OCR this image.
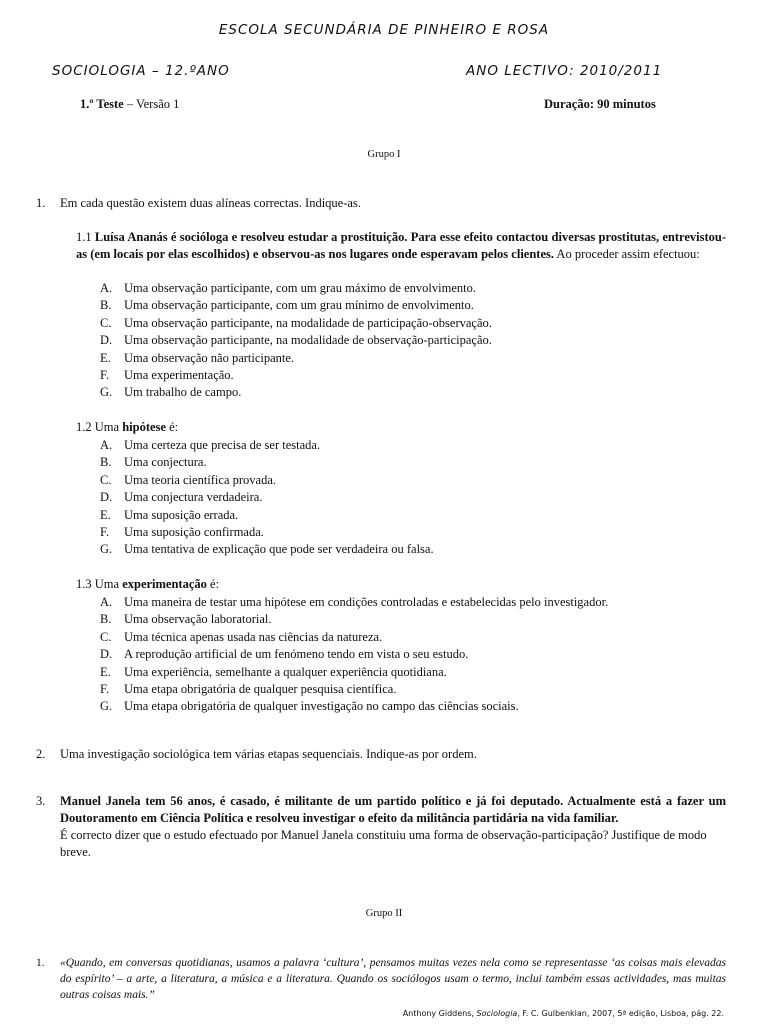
ESCOLA SECUNDÁRIA DE PINHEIRO E ROSA
SOCIOLOGIA – 12.ºANO	ANO LECTIVO: 2010/2011
1.º Teste – Versão 1	Duração: 90 minutos
Grupo I
1. Em cada questão existem duas alíneas correctas. Indique-as.
1.1 Luísa Ananás é socióloga e resolveu estudar a prostituição. Para esse efeito contactou diversas prostitutas, entrevistou-as (em locais por elas escolhidos) e observou-as nos lugares onde esperavam pelos clientes. Ao proceder assim efectuou:
A. Uma observação participante, com um grau máximo de envolvimento.
B.	Uma observação participante, com um grau mínimo de envolvimento.
C.	Uma observação participante, na modalidade de participação-observação.
D. Uma observação participante, na modalidade de observação-participação.
E.	Uma observação não participante.
F.	Uma experimentação.
G. Um trabalho de campo.
1.2 Uma hipótese é:
A. Uma certeza que precisa de ser testada.
B.	Uma conjectura.
C.	Uma teoria científica provada.
D. Uma conjectura verdadeira.
E.	Uma suposição errada.
F.	Uma suposição confirmada.
G. Uma tentativa de explicação que pode ser verdadeira ou falsa.
1.3 Uma experimentação é:
A. Uma maneira de testar uma hipótese em condições controladas e estabelecidas pelo investigador.
B.	Uma observação laboratorial.
C.	Uma técnica apenas usada nas ciências da natureza.
D. A reprodução artificial de um fenómeno tendo em vista o seu estudo.
E.	Uma experiência, semelhante a qualquer experiência quotidiana.
F.	Uma etapa obrigatória de qualquer pesquisa científica.
G. Uma etapa obrigatória de qualquer investigação no campo das ciências sociais.
2. Uma investigação sociológica tem várias etapas sequenciais. Indique-as por ordem.
3. Manuel Janela tem 56 anos, é casado, é militante de um partido político e já foi deputado. Actualmente está a fazer um Doutoramento em Ciência Política e resolveu investigar o efeito da militância partidária na vida familiar.
É correcto dizer que o estudo efectuado por Manuel Janela constituiu uma forma de observação-participação? Justifique de modo breve.
Grupo II
1. «Quando, em conversas quotidianas, usamos a palavra ‘cultura’, pensamos muitas vezes nela como se representasse ‘as coisas mais elevadas do espírito’ – a arte, a literatura, a música e a literatura. Quando os sociólogos usam o termo, inclui também essas actividades, mas muitas outras coisas mais.”
Anthony Giddens, Sociologia, F. C. Gulbenkian, 2007, 5ª edição, Lisboa, pág. 22.
